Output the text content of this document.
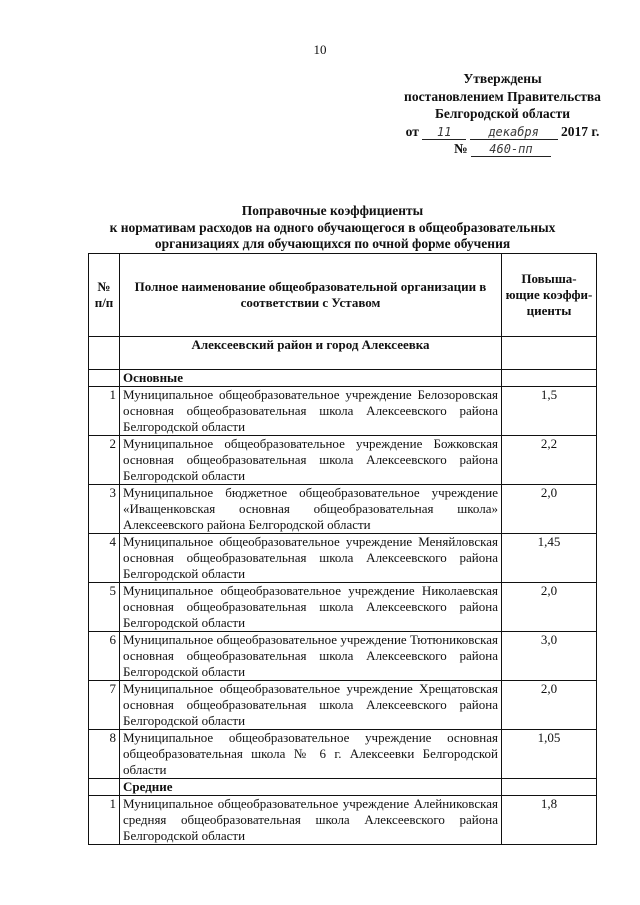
10
Утверждены
постановлением Правительства
Белгородской области
от 11	декабря 2017 г.
№ 460-пп
Поправочные коэффициенты
к нормативам расходов на одного обучающегося в общеобразовательных
организациях для обучающихся по очной форме обучения
№ п/п	Полное наименование общеобразовательной организации в соответствии с Уставом	Повыша-ющие коэффи-циенты
	Алексеевский район и город Алексеевка	
	Основные	
1	Муниципальное общеобразовательное учреждение Белозоровская основная общеобразовательная школа Алексеевского района Белгородской области	1,5
2	Муниципальное общеобразовательное учреждение Божковская основная общеобразовательная школа Алексеевского района Белгородской области	2,2
3	Муниципальное бюджетное общеобразовательное учреждение «Иващенковская основная общеобразовательная школа» Алексеевского района Белгородской области	2,0
4	Муниципальное общеобразовательное учреждение Меняйловская основная общеобразовательная школа Алексеевского района Белгородской области	1,45
5	Муниципальное общеобразовательное учреждение Николаевская основная общеобразовательная школа Алексеевского района Белгородской области	2,0
6	Муниципальное общеобразовательное учреждение Тютюниковская основная общеобразовательная школа Алексеевского района Белгородской области	3,0
7	Муниципальное общеобразовательное учреждение Хрещатовская основная общеобразовательная школа Алексеевского района Белгородской области	2,0
8	Муниципальное общеобразовательное учреждение основная общеобразовательная школа № 6 г. Алексеевки Белгородской области	1,05
	Средние	
1	Муниципальное общеобразовательное учреждение Алейниковская средняя общеобразовательная школа Алексеевского района Белгородской области	1,8
